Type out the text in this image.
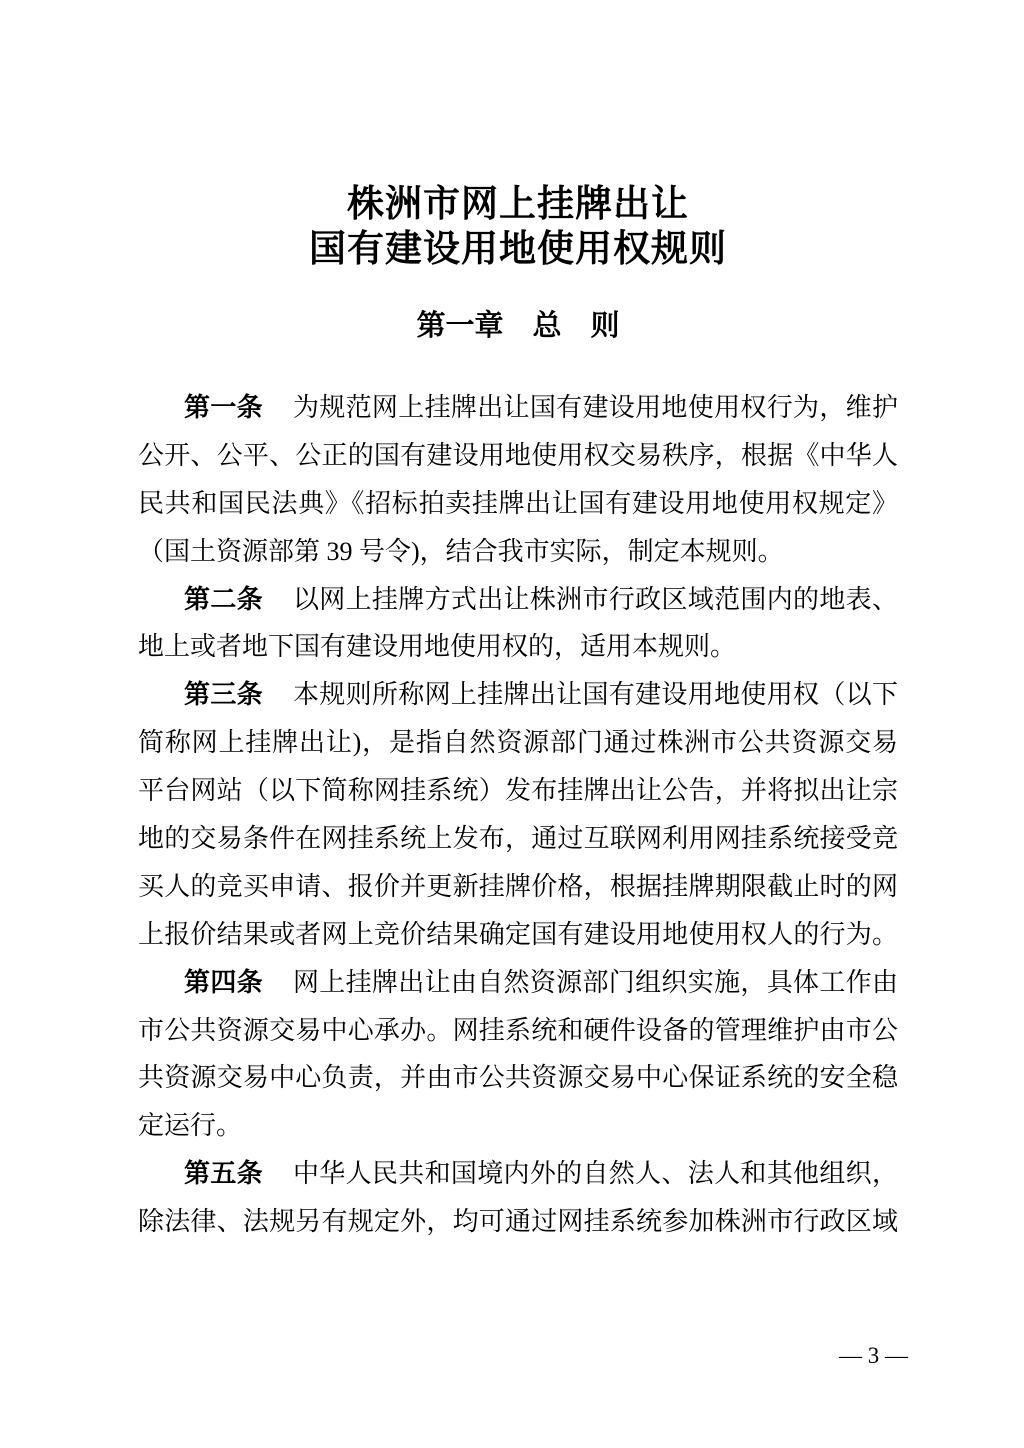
株洲市网上挂牌出让
国有建设用地使用权规则
第一章　总　则
第一条 为规范网上挂牌出让国有建设用地使用权行为，维护
公开、公平、公正的国有建设用地使用权交易秩序，根据《中华人
民共和国民法典》《招标拍卖挂牌出让国有建设用地使用权规定》
（国土资源部第 39 号令)，结合我市实际，制定本规则。
第二条 以网上挂牌方式出让株洲市行政区域范围内的地表、
地上或者地下国有建设用地使用权的，适用本规则。
第三条 本规则所称网上挂牌出让国有建设用地使用权（以下
简称网上挂牌出让)，是指自然资源部门通过株洲市公共资源交易
平台网站（以下简称网挂系统）发布挂牌出让公告，并将拟出让宗
地的交易条件在网挂系统上发布，通过互联网利用网挂系统接受竞
买人的竞买申请、报价并更新挂牌价格，根据挂牌期限截止时的网
上报价结果或者网上竞价结果确定国有建设用地使用权人的行为。
第四条 网上挂牌出让由自然资源部门组织实施，具体工作由
市公共资源交易中心承办。网挂系统和硬件设备的管理维护由市公
共资源交易中心负责，并由市公共资源交易中心保证系统的安全稳
定运行。
第五条 中华人民共和国境内外的自然人、法人和其他组织，
除法律、法规另有规定外，均可通过网挂系统参加株洲市行政区域
— 3 —
